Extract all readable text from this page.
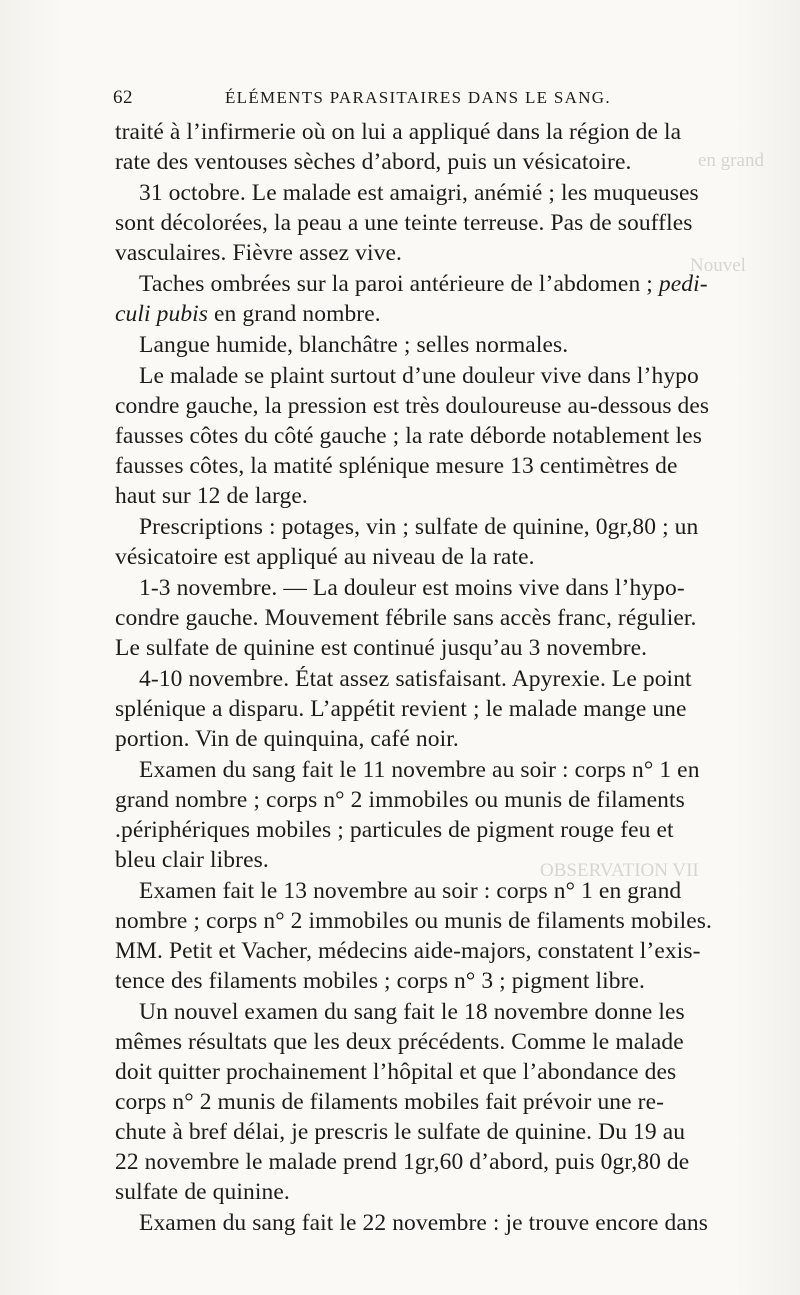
en grand
Nouvel
OBSERVATION VII
62	ÉLÉMENTS PARASITAIRES DANS LE SANG.
traité à l’infirmerie où on lui a appliqué dans la région de la
rate des ventouses sèches d’abord, puis un vésicatoire.
31 octobre. Le malade est amaigri, anémié ; les muqueuses
sont décolorées, la peau a une teinte terreuse. Pas de souffles
vasculaires. Fièvre assez vive.
Taches ombrées sur la paroi antérieure de l’abdomen ; pedi-
culi pubis en grand nombre.
Langue humide, blanchâtre ; selles normales.
Le malade se plaint surtout d’une douleur vive dans l’hypo
condre gauche, la pression est très douloureuse au-dessous des
fausses côtes du côté gauche ; la rate déborde notablement les
fausses côtes, la matité splénique mesure 13 centimètres de
haut sur 12 de large.
Prescriptions : potages, vin ; sulfate de quinine, 0gr,80 ; un
vésicatoire est appliqué au niveau de la rate.
1-3 novembre. — La douleur est moins vive dans l’hypo-
condre gauche. Mouvement fébrile sans accès franc, régulier.
Le sulfate de quinine est continué jusqu’au 3 novembre.
4-10 novembre. État assez satisfaisant. Apyrexie. Le point
splénique a disparu. L’appétit revient ; le malade mange une
portion. Vin de quinquina, café noir.
Examen du sang fait le 11 novembre au soir : corps n° 1 en
grand nombre ; corps n° 2 immobiles ou munis de filaments
.périphériques mobiles ; particules de pigment rouge feu et
bleu clair libres.
Examen fait le 13 novembre au soir : corps n° 1 en grand
nombre ; corps n° 2 immobiles ou munis de filaments mobiles.
MM. Petit et Vacher, médecins aide-majors, constatent l’exis-
tence des filaments mobiles ; corps n° 3 ; pigment libre.
Un nouvel examen du sang fait le 18 novembre donne les
mêmes résultats que les deux précédents. Comme le malade
doit quitter prochainement l’hôpital et que l’abondance des
corps n° 2 munis de filaments mobiles fait prévoir une re-
chute à bref délai, je prescris le sulfate de quinine. Du 19 au
22 novembre le malade prend 1gr,60 d’abord, puis 0gr,80 de
sulfate de quinine.
Examen du sang fait le 22 novembre : je trouve encore dans
